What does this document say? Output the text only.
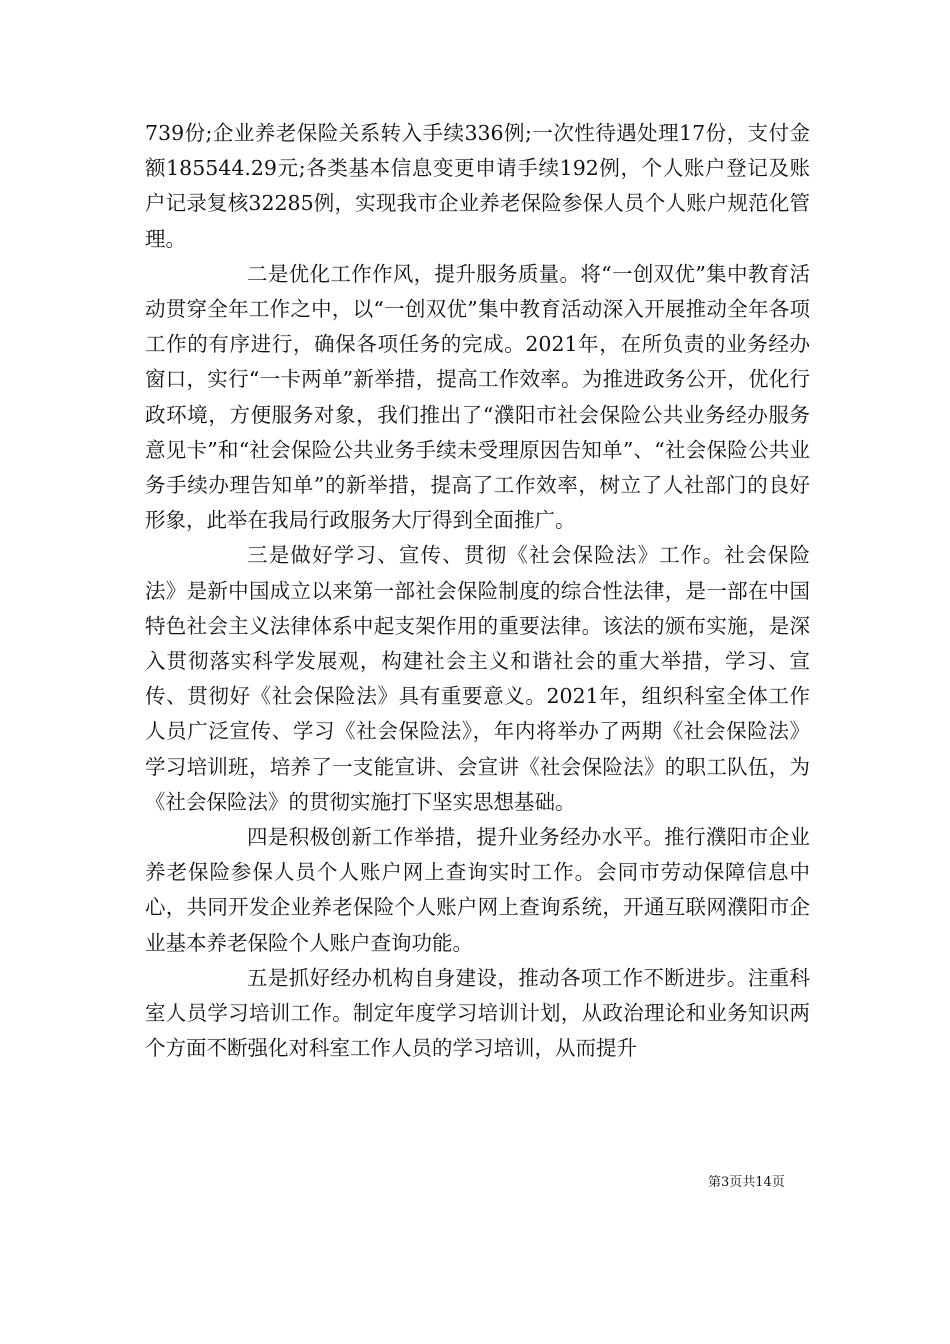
739份;企业养老保险关系转入手续336例;一次性待遇处理17份，支付金额185544.29元;各类基本信息变更申请手续192例，个人账户登记及账户记录复核32285例，实现我市企业养老保险参保人员个人账户规范化管理。

二是优化工作作风，提升服务质量。将“一创双优”集中教育活动贯穿全年工作之中，以“一创双优”集中教育活动深入开展推动全年各项工作的有序进行，确保各项任务的完成。2021年，在所负责的业务经办窗口，实行“一卡两单”新举措，提高工作效率。为推进政务公开，优化行政环境，方便服务对象，我们推出了“濮阳市社会保险公共业务经办服务意见卡”和“社会保险公共业务手续未受理原因告知单”、“社会保险公共业务手续办理告知单”的新举措，提高了工作效率，树立了人社部门的良好形象，此举在我局行政服务大厅得到全面推广。

三是做好学习、宣传、贯彻《社会保险法》工作。社会保险法》是新中国成立以来第一部社会保险制度的综合性法律，是一部在中国特色社会主义法律体系中起支架作用的重要法律。该法的颁布实施，是深入贯彻落实科学发展观，构建社会主义和谐社会的重大举措，学习、宣传、贯彻好《社会保险法》具有重要意义。2021年，组织科室全体工作人员广泛宣传、学习《社会保险法》，年内将举办了两期《社会保险法》学习培训班，培养了一支能宣讲、会宣讲《社会保险法》的职工队伍，为《社会保险法》的贯彻实施打下坚实思想基础。

四是积极创新工作举措，提升业务经办水平。推行濮阳市企业养老保险参保人员个人账户网上查询实时工作。会同市劳动保障信息中心，共同开发企业养老保险个人账户网上查询系统，开通互联网濮阳市企业基本养老保险个人账户查询功能。

五是抓好经办机构自身建设，推动各项工作不断进步。注重科室人员学习培训工作。制定年度学习培训计划，从政治理论和业务知识两个方面不断强化对科室工作人员的学习培训，从而提升

第3页共14页
